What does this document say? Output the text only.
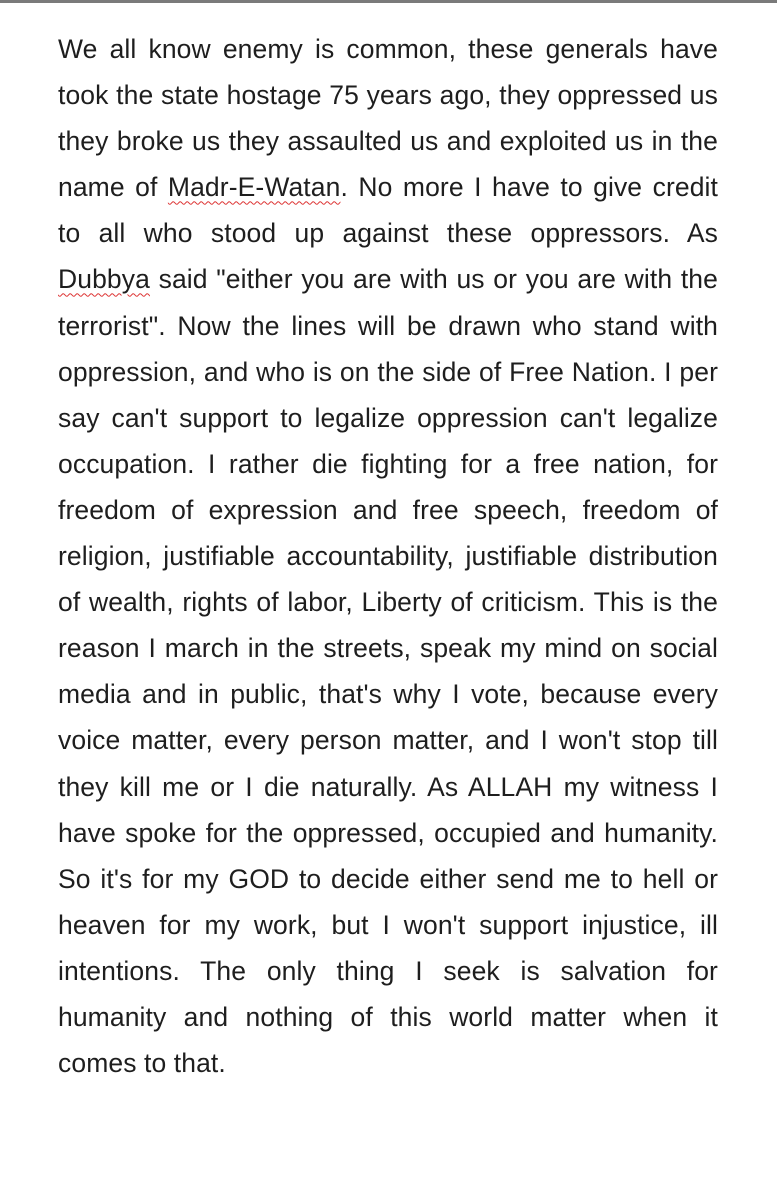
We all know enemy is common, these generals have took the state hostage 75 years ago, they oppressed us they broke us they assaulted us and exploited us in the name of Madr-E-Watan. No more I have to give credit to all who stood up against these oppressors. As Dubbya said "either you are with us or you are with the terrorist". Now the lines will be drawn who stand with oppression, and who is on the side of Free Nation. I per say can't support to legalize oppression can't legalize occupation. I rather die fighting for a free nation, for freedom of expression and free speech, freedom of religion, justifiable accountability, justifiable distribution of wealth, rights of labor, Liberty of criticism. This is the reason I march in the streets, speak my mind on social media and in public, that's why I vote, because every voice matter, every person matter, and I won't stop till they kill me or I die naturally. As ALLAH my witness I have spoke for the oppressed, occupied and humanity. So it's for my GOD to decide either send me to hell or heaven for my work, but I won't support injustice, ill intentions. The only thing I seek is salvation for humanity and nothing of this world matter when it comes to that.
